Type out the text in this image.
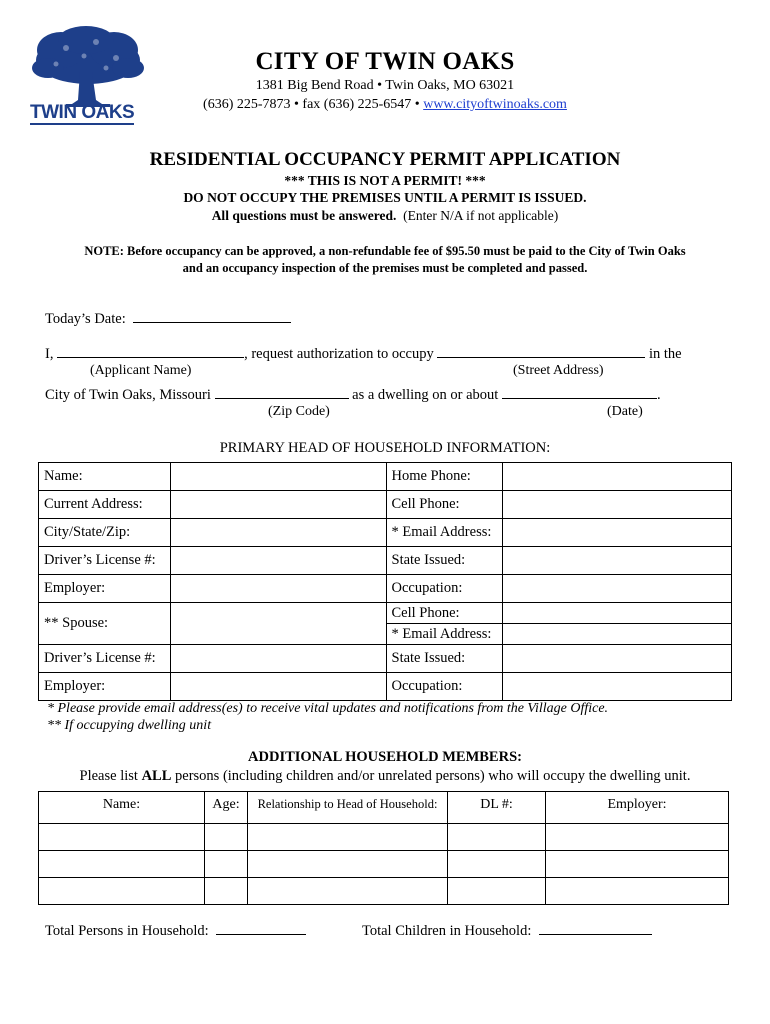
TWIN OAKS
CITY OF TWIN OAKS
1381 Big Bend Road • Twin Oaks, MO 63021
(636) 225-7873 • fax (636) 225-6547 • www.cityoftwinoaks.com
RESIDENTIAL OCCUPANCY PERMIT APPLICATION
*** THIS IS NOT A PERMIT! ***
DO NOT OCCUPY THE PREMISES UNTIL A PERMIT IS ISSUED.
All questions must be answered. (Enter N/A if not applicable)
NOTE: Before occupancy can be approved, a non-refundable fee of $95.50 must be paid to the City of Twin Oaks
and an occupancy inspection of the premises must be completed and passed.
Today’s Date:
I,	, request authorization to occupy	in the
(Applicant Name)	(Street Address)
City of Twin Oaks, Missouri	as a dwelling on or about	.
(Zip Code)	(Date)
PRIMARY HEAD OF HOUSEHOLD INFORMATION:
Name:		Home Phone:	
Current Address:		Cell Phone:	
City/State/Zip:		* Email Address:	
Driver’s License #:		State Issued:	
Employer:		Occupation:	
** Spouse:		Cell Phone:
* Email Address:	

Driver’s License #:		State Issued:	
Employer:		Occupation:	
* Please provide email address(es) to receive vital updates and notifications from the Village Office.
** If occupying dwelling unit
ADDITIONAL HOUSEHOLD MEMBERS:
Please list ALL persons (including children and/or unrelated persons) who will occupy the dwelling unit.
Name:	Age:	Relationship to Head of Household:	DL #:	Employer:

Total Persons in Household:	Total Children in Household:
